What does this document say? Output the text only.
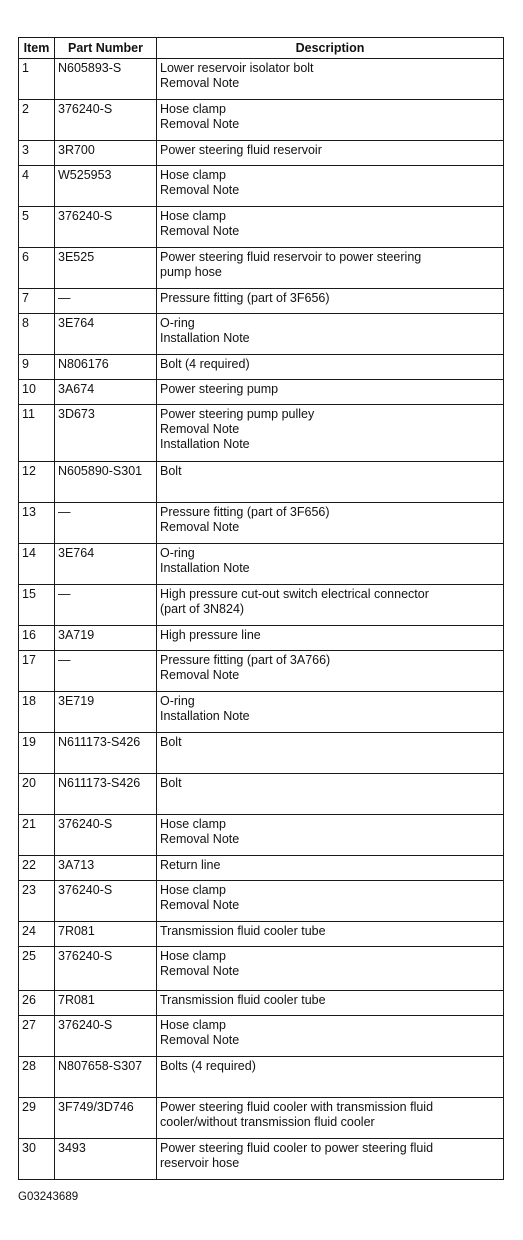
Item	Part Number	Description
1	N605893-S	Lower reservoir isolator bolt
Removal Note

2	376240-S	Hose clamp
Removal Note

3	3R700	Power steering fluid reservoir

4	W525953	Hose clamp
Removal Note

5	376240-S	Hose clamp
Removal Note

6	3E525	Power steering fluid reservoir to power steering
pump hose

7	—	Pressure fitting (part of 3F656)

8	3E764	O-ring
Installation Note

9	N806176	Bolt (4 required)

10	3A674	Power steering pump

11	3D673	Power steering pump pulley
Removal Note
Installation Note

12	N605890-S301	Bolt

13	—	Pressure fitting (part of 3F656)
Removal Note

14	3E764	O-ring
Installation Note

15	—	High pressure cut-out switch electrical connector
(part of 3N824)

16	3A719	High pressure line

17	—	Pressure fitting (part of 3A766)
Removal Note

18	3E719	O-ring
Installation Note

19	N611173-S426	Bolt

20	N611173-S426	Bolt

21	376240-S	Hose clamp
Removal Note

22	3A713	Return line

23	376240-S	Hose clamp
Removal Note

24	7R081	Transmission fluid cooler tube

25	376240-S	Hose clamp
Removal Note

26	7R081	Transmission fluid cooler tube

27	376240-S	Hose clamp
Removal Note

28	N807658-S307	Bolts (4 required)

29	3F749/3D746	Power steering fluid cooler with transmission fluid
cooler/without transmission fluid cooler

30	3493	Power steering fluid cooler to power steering fluid
reservoir hose
G03243689
